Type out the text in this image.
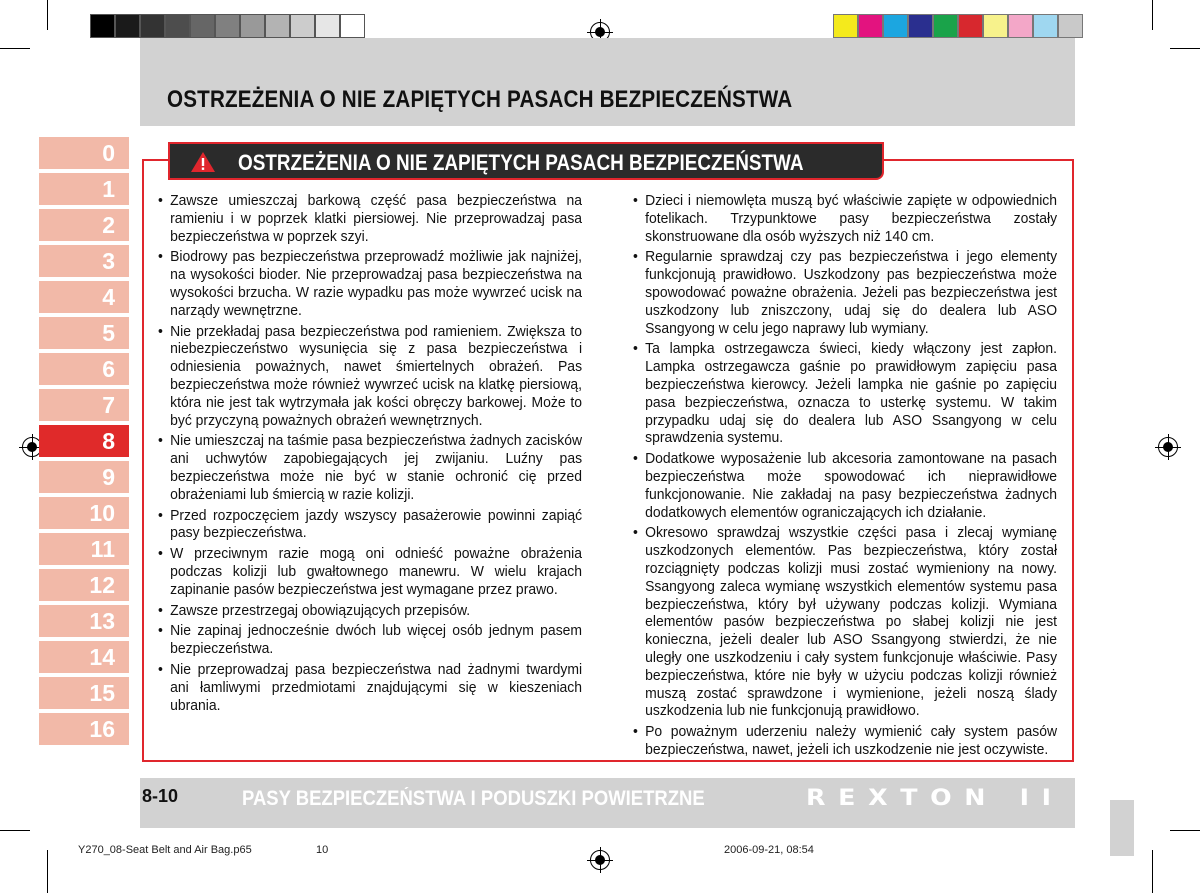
OSTRZEŻENIA O NIE ZAPIĘTYCH PASACH BEZPIECZEŃSTWA
0
1
2
3
4
5
6
7
8
9
10
11
12
13
14
15
16
OSTRZEŻENIA O NIE ZAPIĘTYCH PASACH BEZPIECZEŃSTWA
• Zawsze umieszczaj barkową część pasa bezpieczeństwa na ramieniu i w poprzek klatki piersiowej. Nie przeprowadzaj pasa bezpieczeństwa w poprzek szyi.
• Biodrowy pas bezpieczeństwa przeprowadź możliwie jak najniżej, na wysokości bioder. Nie przeprowadzaj pasa bezpieczeństwa na wysokości brzucha. W razie wypadku pas może wywrzeć ucisk na narządy wewnętrzne.
• Nie przekładaj pasa bezpieczeństwa pod ramieniem. Zwiększa to niebezpieczeństwo wysunięcia się z pasa bezpieczeństwa i odniesienia poważnych, nawet śmiertelnych obrażeń. Pas bezpieczeństwa może również wywrzeć ucisk na klatkę piersiową, która nie jest tak wytrzymała jak kości obręczy barkowej. Może to być przyczyną poważnych obrażeń wewnętrznych.
• Nie umieszczaj na taśmie pasa bezpieczeństwa żadnych zacisków ani uchwytów zapobiegających jej zwijaniu. Luźny pas bezpieczeństwa może nie być w stanie ochronić cię przed obrażeniami lub śmiercią w razie kolizji.
• Przed rozpoczęciem jazdy wszyscy pasażerowie powinni zapiąć pasy bezpieczeństwa.
• W przeciwnym razie mogą oni odnieść poważne obrażenia podczas kolizji lub gwałtownego manewru. W wielu krajach zapinanie pasów bezpieczeństwa jest wymagane przez prawo.
• Zawsze przestrzegaj obowiązujących przepisów.
• Nie zapinaj jednocześnie dwóch lub więcej osób jednym pasem bezpieczeństwa.
• Nie przeprowadzaj pasa bezpieczeństwa nad żadnymi twardymi ani łamliwymi przedmiotami znajdującymi się w kieszeniach ubrania.
• Dzieci i niemowlęta muszą być właściwie zapięte w odpowiednich fotelikach. Trzypunktowe pasy bezpieczeństwa zostały skonstruowane dla osób wyższych niż 140 cm.
• Regularnie sprawdzaj czy pas bezpieczeństwa i jego elementy funkcjonują prawidłowo. Uszkodzony pas bezpieczeństwa może spowodować poważne obrażenia. Jeżeli pas bezpieczeństwa jest uszkodzony lub zniszczony, udaj się do dealera lub ASO Ssangyong w celu jego naprawy lub wymiany.
• Ta lampka ostrzegawcza świeci, kiedy włączony jest zapłon. Lampka ostrzegawcza gaśnie po prawidłowym zapięciu pasa bezpieczeństwa kierowcy. Jeżeli lampka nie gaśnie po zapięciu pasa bezpieczeństwa, oznacza to usterkę systemu. W takim przypadku udaj się do dealera lub ASO Ssangyong w celu sprawdzenia systemu.
• Dodatkowe wyposażenie lub akcesoria zamontowane na pasach bezpieczeństwa może spowodować ich nieprawidłowe funkcjonowanie. Nie zakładaj na pasy bezpieczeństwa żadnych dodatkowych elementów ograniczających ich działanie.
• Okresowo sprawdzaj wszystkie części pasa i zlecaj wymianę uszkodzonych elementów. Pas bezpieczeństwa, który został rozciągnięty podczas kolizji musi zostać wymieniony na nowy. Ssangyong zaleca wymianę wszystkich elementów systemu pasa bezpieczeństwa, który był używany podczas kolizji. Wymiana elementów pasów bezpieczeństwa po słabej kolizji nie jest konieczna, jeżeli dealer lub ASO Ssangyong stwierdzi, że nie uległy one uszkodzeniu i cały system funkcjonuje właściwie. Pasy bezpieczeństwa, które nie były w użyciu podczas kolizji również muszą zostać sprawdzone i wymienione, jeżeli noszą ślady uszkodzenia lub nie funkcjonują prawidłowo.
• Po poważnym uderzeniu należy wymienić cały system pasów bezpieczeństwa, nawet, jeżeli ich uszkodzenie nie jest oczywiste.
8-10	PASY BEZPIECZEŃSTWA I PODUSZKI POWIETRZNE	REXTON II
Y270_08-Seat Belt and Air Bag.p65	10	2006-09-21, 08:54
